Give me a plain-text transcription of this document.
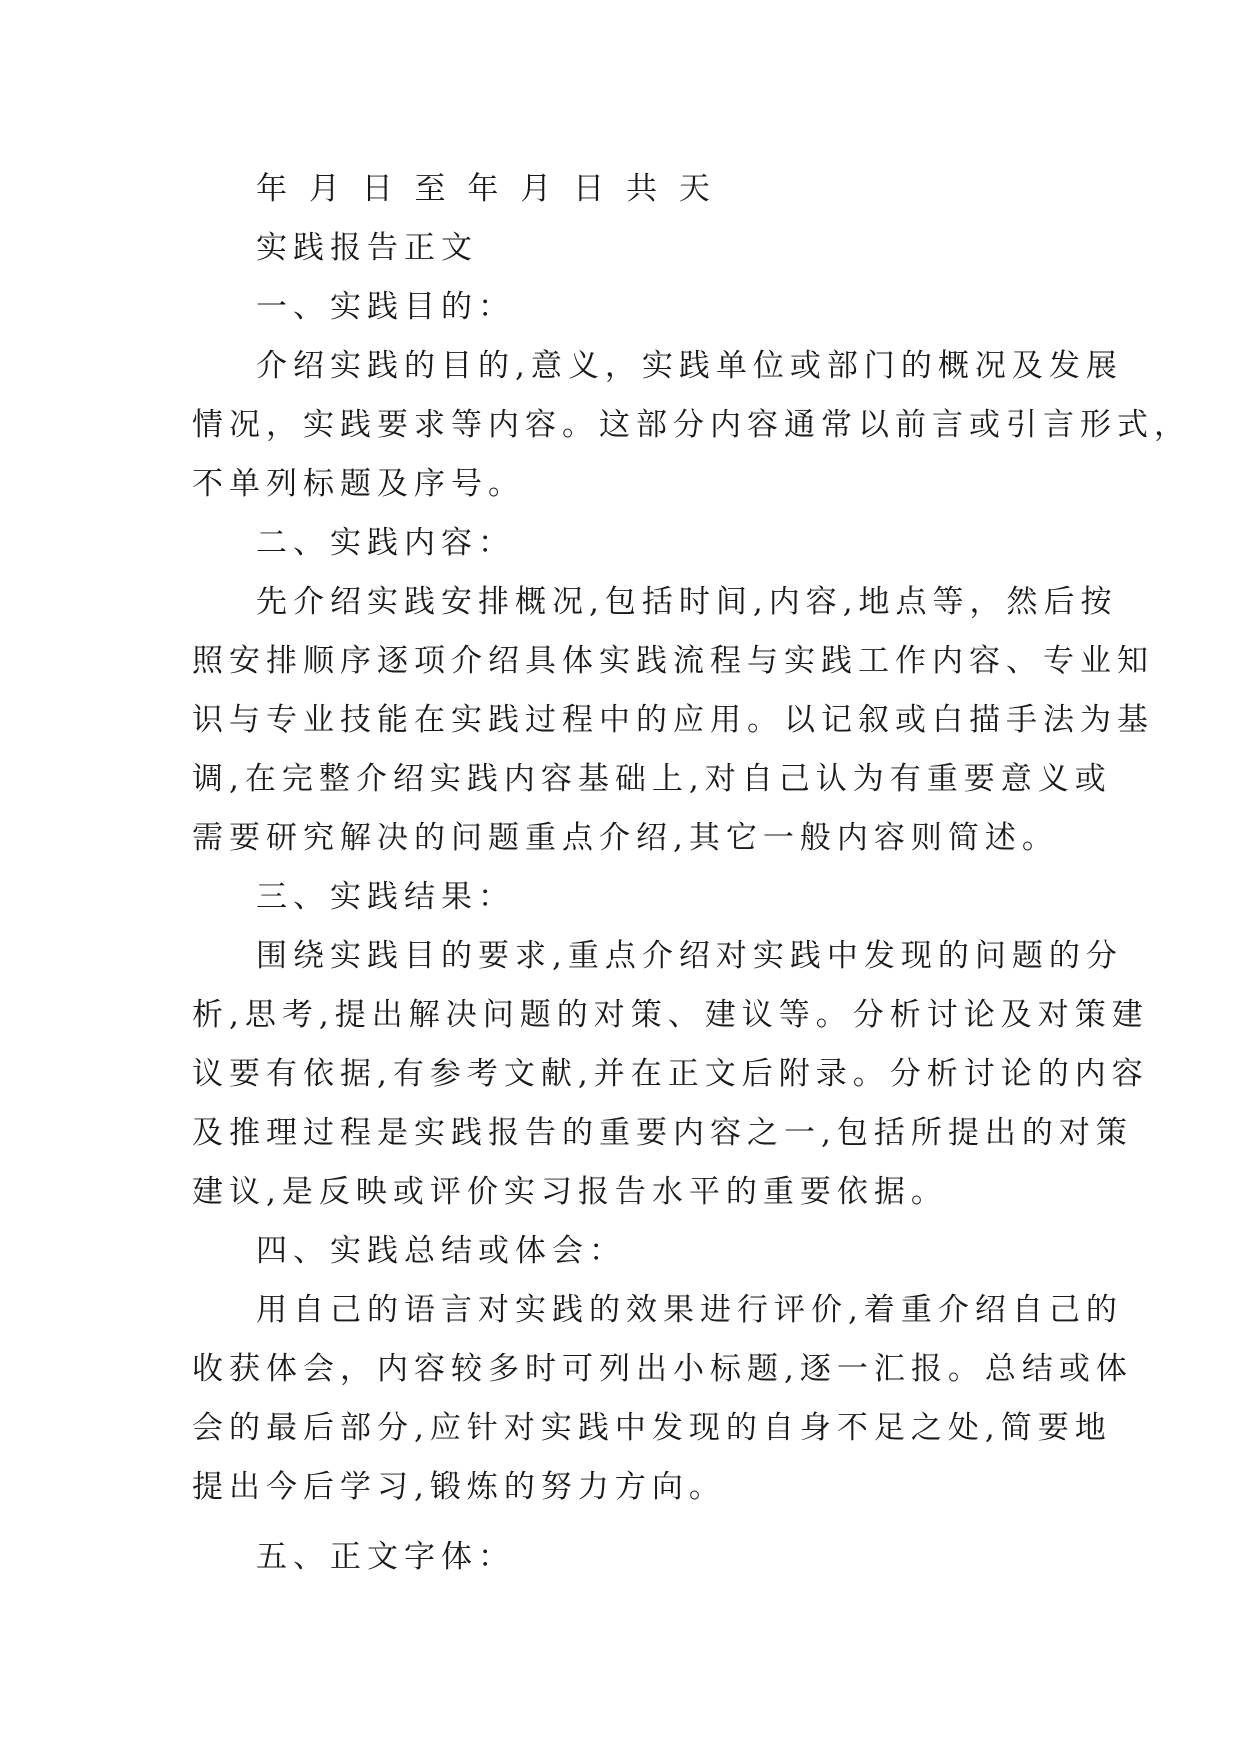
年 月 日 至 年 月 日 共 天

实践报告正文

一、实践目的：

介绍实践的目的,意义，实践单位或部门的概况及发展

情况，实践要求等内容。这部分内容通常以前言或引言形式，

不单列标题及序号。

二、实践内容：

先介绍实践安排概况,包括时间,内容,地点等，然后按

照安排顺序逐项介绍具体实践流程与实践工作内容、专业知

识与专业技能在实践过程中的应用。以记叙或白描手法为基

调,在完整介绍实践内容基础上,对自己认为有重要意义或

需要研究解决的问题重点介绍,其它一般内容则简述。

三、实践结果：

围绕实践目的要求,重点介绍对实践中发现的问题的分

析,思考,提出解决问题的对策、建议等。分析讨论及对策建

议要有依据,有参考文献,并在正文后附录。分析讨论的内容

及推理过程是实践报告的重要内容之一,包括所提出的对策

建议,是反映或评价实习报告水平的重要依据。

四、实践总结或体会：

用自己的语言对实践的效果进行评价,着重介绍自己的

收获体会，内容较多时可列出小标题,逐一汇报。总结或体

会的最后部分,应针对实践中发现的自身不足之处,简要地

提出今后学习,锻炼的努力方向。

五、正文字体：
